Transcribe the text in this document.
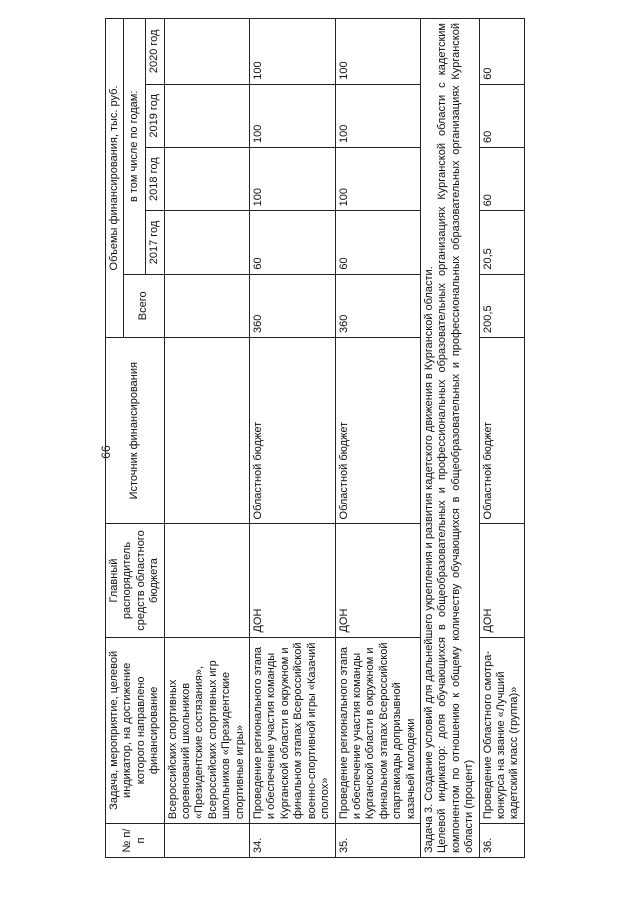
66
№ п/п	Задача, мероприятие, целевой индикатор, на достижение которого направлено финансирование	Главный распорядитель средств областного бюджета	Источник финансирования	Объемы финансирования, тыс. руб.				
				Всего	в том числе по годам:			
					2017 год	2018 год	2019 год	2020 год
	Всероссийских спортивных соревнований школьников «Президентские состязания», Всероссийских спортивных игр школьников «Президентские спортивные игры»							
34.	Проведение регионального этапа и обеспечение участия команды Курганской области в окружном и финальном этапах Всероссийской военно-спортивной игры «Казачий сполох»	ДОН	Областной бюджет	360	60	100	100	100
35.	Проведение регионального этапа и обеспечение участия команды Курганской области в окружном и финальном этапах Всероссийской спартакиады допризывной казачьей молодежи	ДОН	Областной бюджет	360	60	100	100	100

Задача 3. Создание условий для дальнейшего укрепления и развития кадетского движения в Курганской области. Целевой индикатор: доля обучающихся в общеобразовательных и профессиональных образовательных организациях Курганской области с кадетским компонентом по отношению к общему количеству обучающихся в общеобразовательных и профессиональных образовательных организациях Курганской области (процент)								

36.	Проведение Областного смотра-конкурса на звание «Лучший кадетский класс (группа)»	ДОН	Областной бюджет	200,5	20,5	60	60	60
